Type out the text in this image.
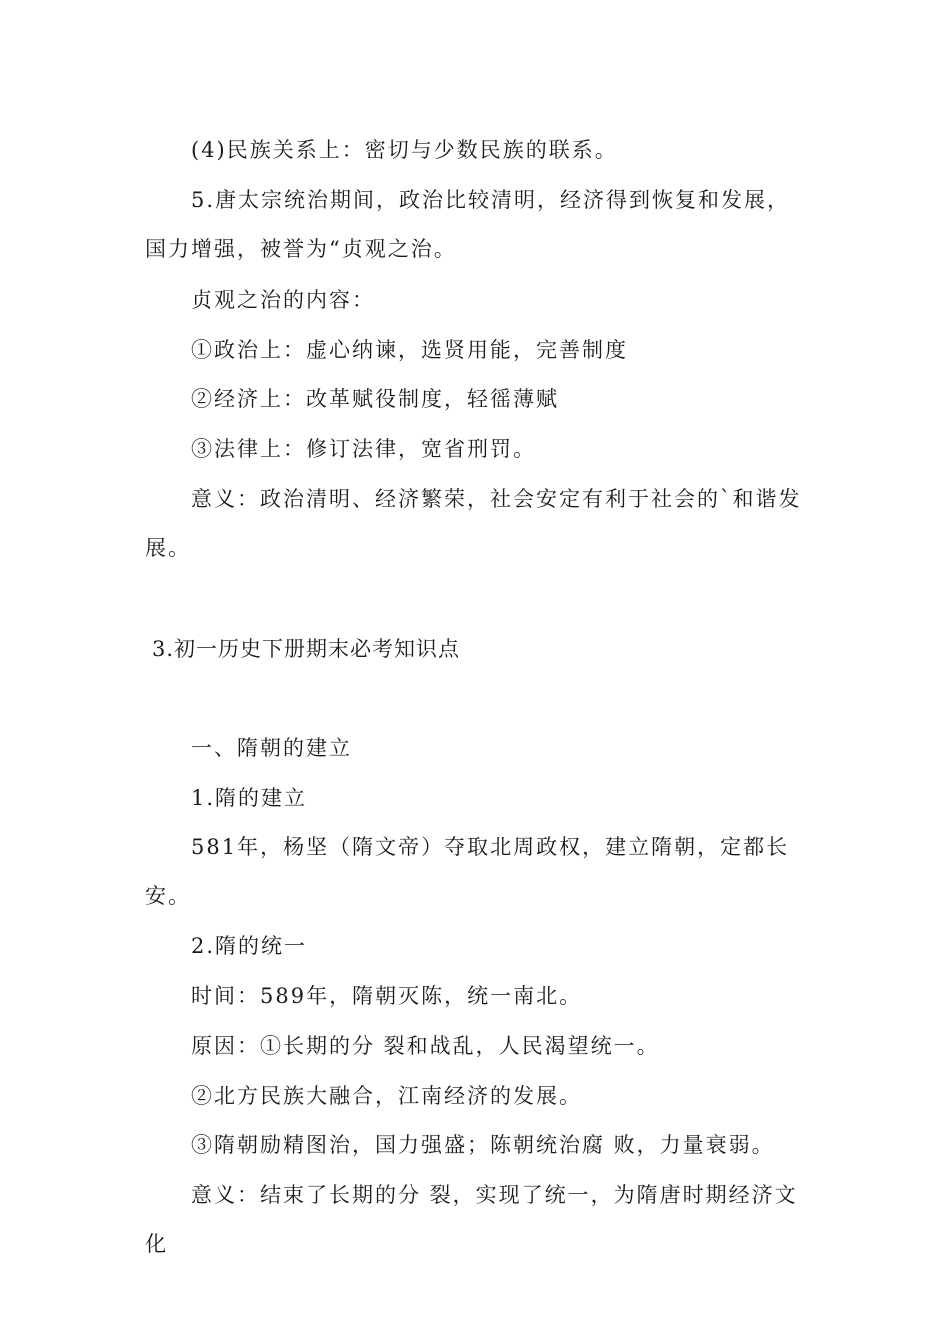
(4)民族关系上：密切与少数民族的联系。

5.唐太宗统治期间，政治比较清明，经济得到恢复和发展，国力增强，被誉为“贞观之治。

贞观之治的内容：

①政治上：虚心纳谏，选贤用能，完善制度

②经济上：改革赋役制度，轻徭薄赋

③法律上：修订法律，宽省刑罚。

意义：政治清明、经济繁荣，社会安定有利于社会的`和谐发展。

3.初一历史下册期末必考知识点

一、隋朝的建立

1.隋的建立

581年，杨坚（隋文帝）夺取北周政权，建立隋朝，定都长安。

2.隋的统一

时间：589年，隋朝灭陈，统一南北。

原因：①长期的分 裂和战乱，人民渴望统一。

②北方民族大融合，江南经济的发展。

③隋朝励精图治，国力强盛；陈朝统治腐 败，力量衰弱。

意义：结束了长期的分 裂，实现了统一，为隋唐时期经济文化
